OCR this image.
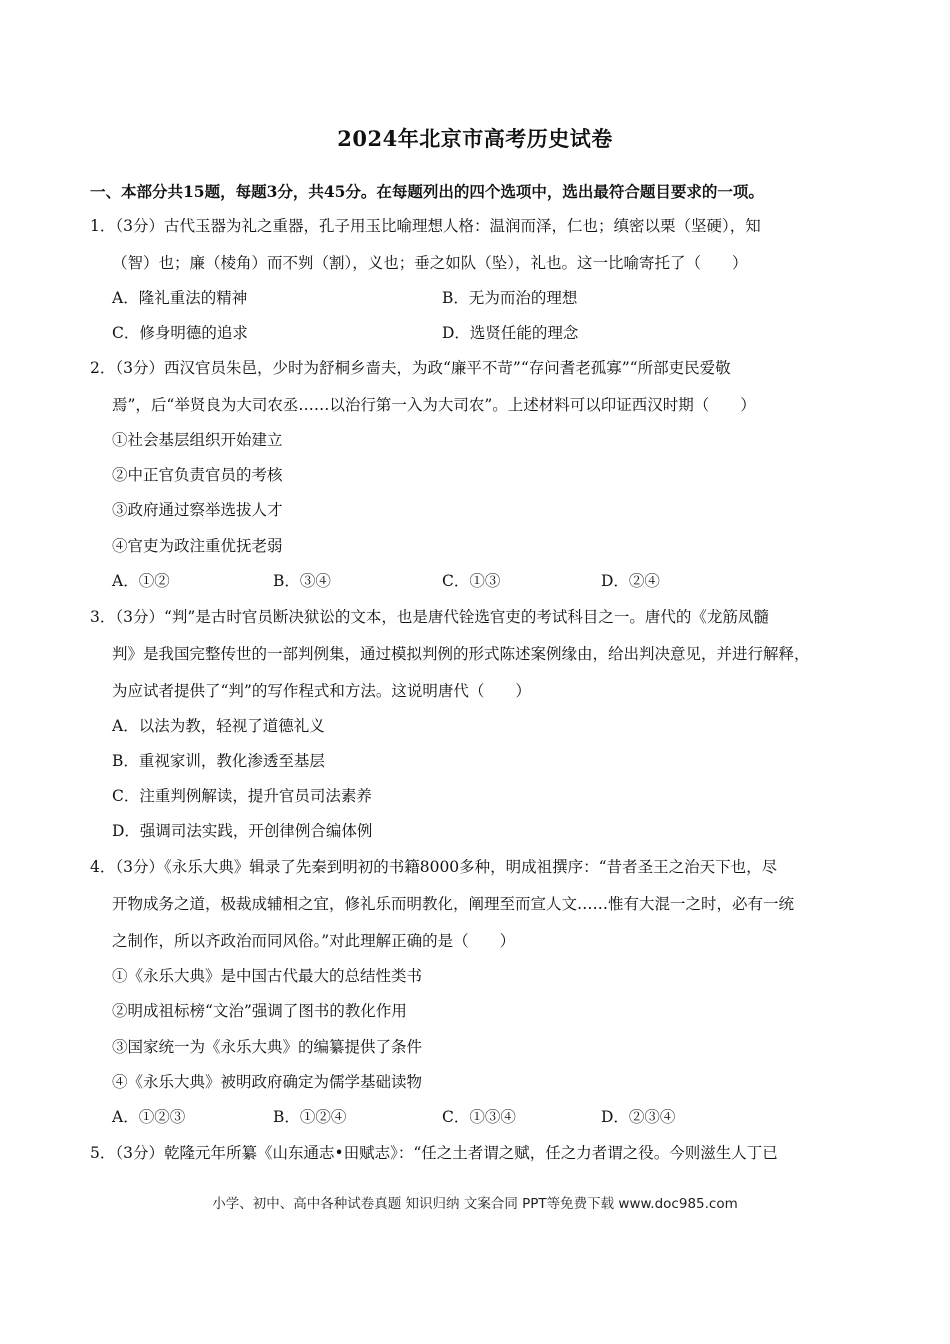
2024年北京市高考历史试卷
一、本部分共15题，每题3分，共45分。在每题列出的四个选项中，选出最符合题目要求的一项。
1．（3分）古代玉器为礼之重器，孔子用玉比喻理想人格：温润而泽，仁也；缜密以栗（坚硬），知
（智）也；廉（棱角）而不刿（割），义也；垂之如队（坠），礼也。这一比喻寄托了（　　）
A．隆礼重法的精神	B．无为而治的理想
C．修身明德的追求	D．选贤任能的理念
2．（3分）西汉官员朱邑，少时为舒桐乡啬夫，为政“廉平不苛”“存问耆老孤寡”“所部吏民爱敬
焉”，后“举贤良为大司农丞……以治行第一入为大司农”。上述材料可以印证西汉时期（　　）
①社会基层组织开始建立
②中正官负责官员的考核
③政府通过察举选拔人才
④官吏为政注重优抚老弱
A．①②	B．③④	C．①③	D．②④
3．（3分）“判”是古时官员断决狱讼的文本，也是唐代铨选官吏的考试科目之一。唐代的《龙筋凤髓
判》是我国完整传世的一部判例集，通过模拟判例的形式陈述案例缘由，给出判决意见，并进行解释，
为应试者提供了“判”的写作程式和方法。这说明唐代（　　）
A．以法为教，轻视了道德礼义
B．重视家训，教化渗透至基层
C．注重判例解读，提升官员司法素养
D．强调司法实践，开创律例合编体例
4．（3分）《永乐大典》辑录了先秦到明初的书籍8000多种，明成祖撰序：“昔者圣王之治天下也，尽
开物成务之道，极裁成辅相之宜，修礼乐而明教化，阐理至而宣人文……惟有大混一之时，必有一统
之制作，所以齐政治而同风俗。”对此理解正确的是（　　）
①《永乐大典》是中国古代最大的总结性类书
②明成祖标榜“文治”强调了图书的教化作用
③国家统一为《永乐大典》的编纂提供了条件
④《永乐大典》被明政府确定为儒学基础读物
A．①②③	B．①②④	C．①③④	D．②③④
5．（3分）乾隆元年所纂《山东通志•田赋志》：“任之土者谓之赋，任之力者谓之役。今则滋生人丁已
小学、初中、高中各种试卷真题 知识归纳 文案合同 PPT等免费下载 www.doc985.com
